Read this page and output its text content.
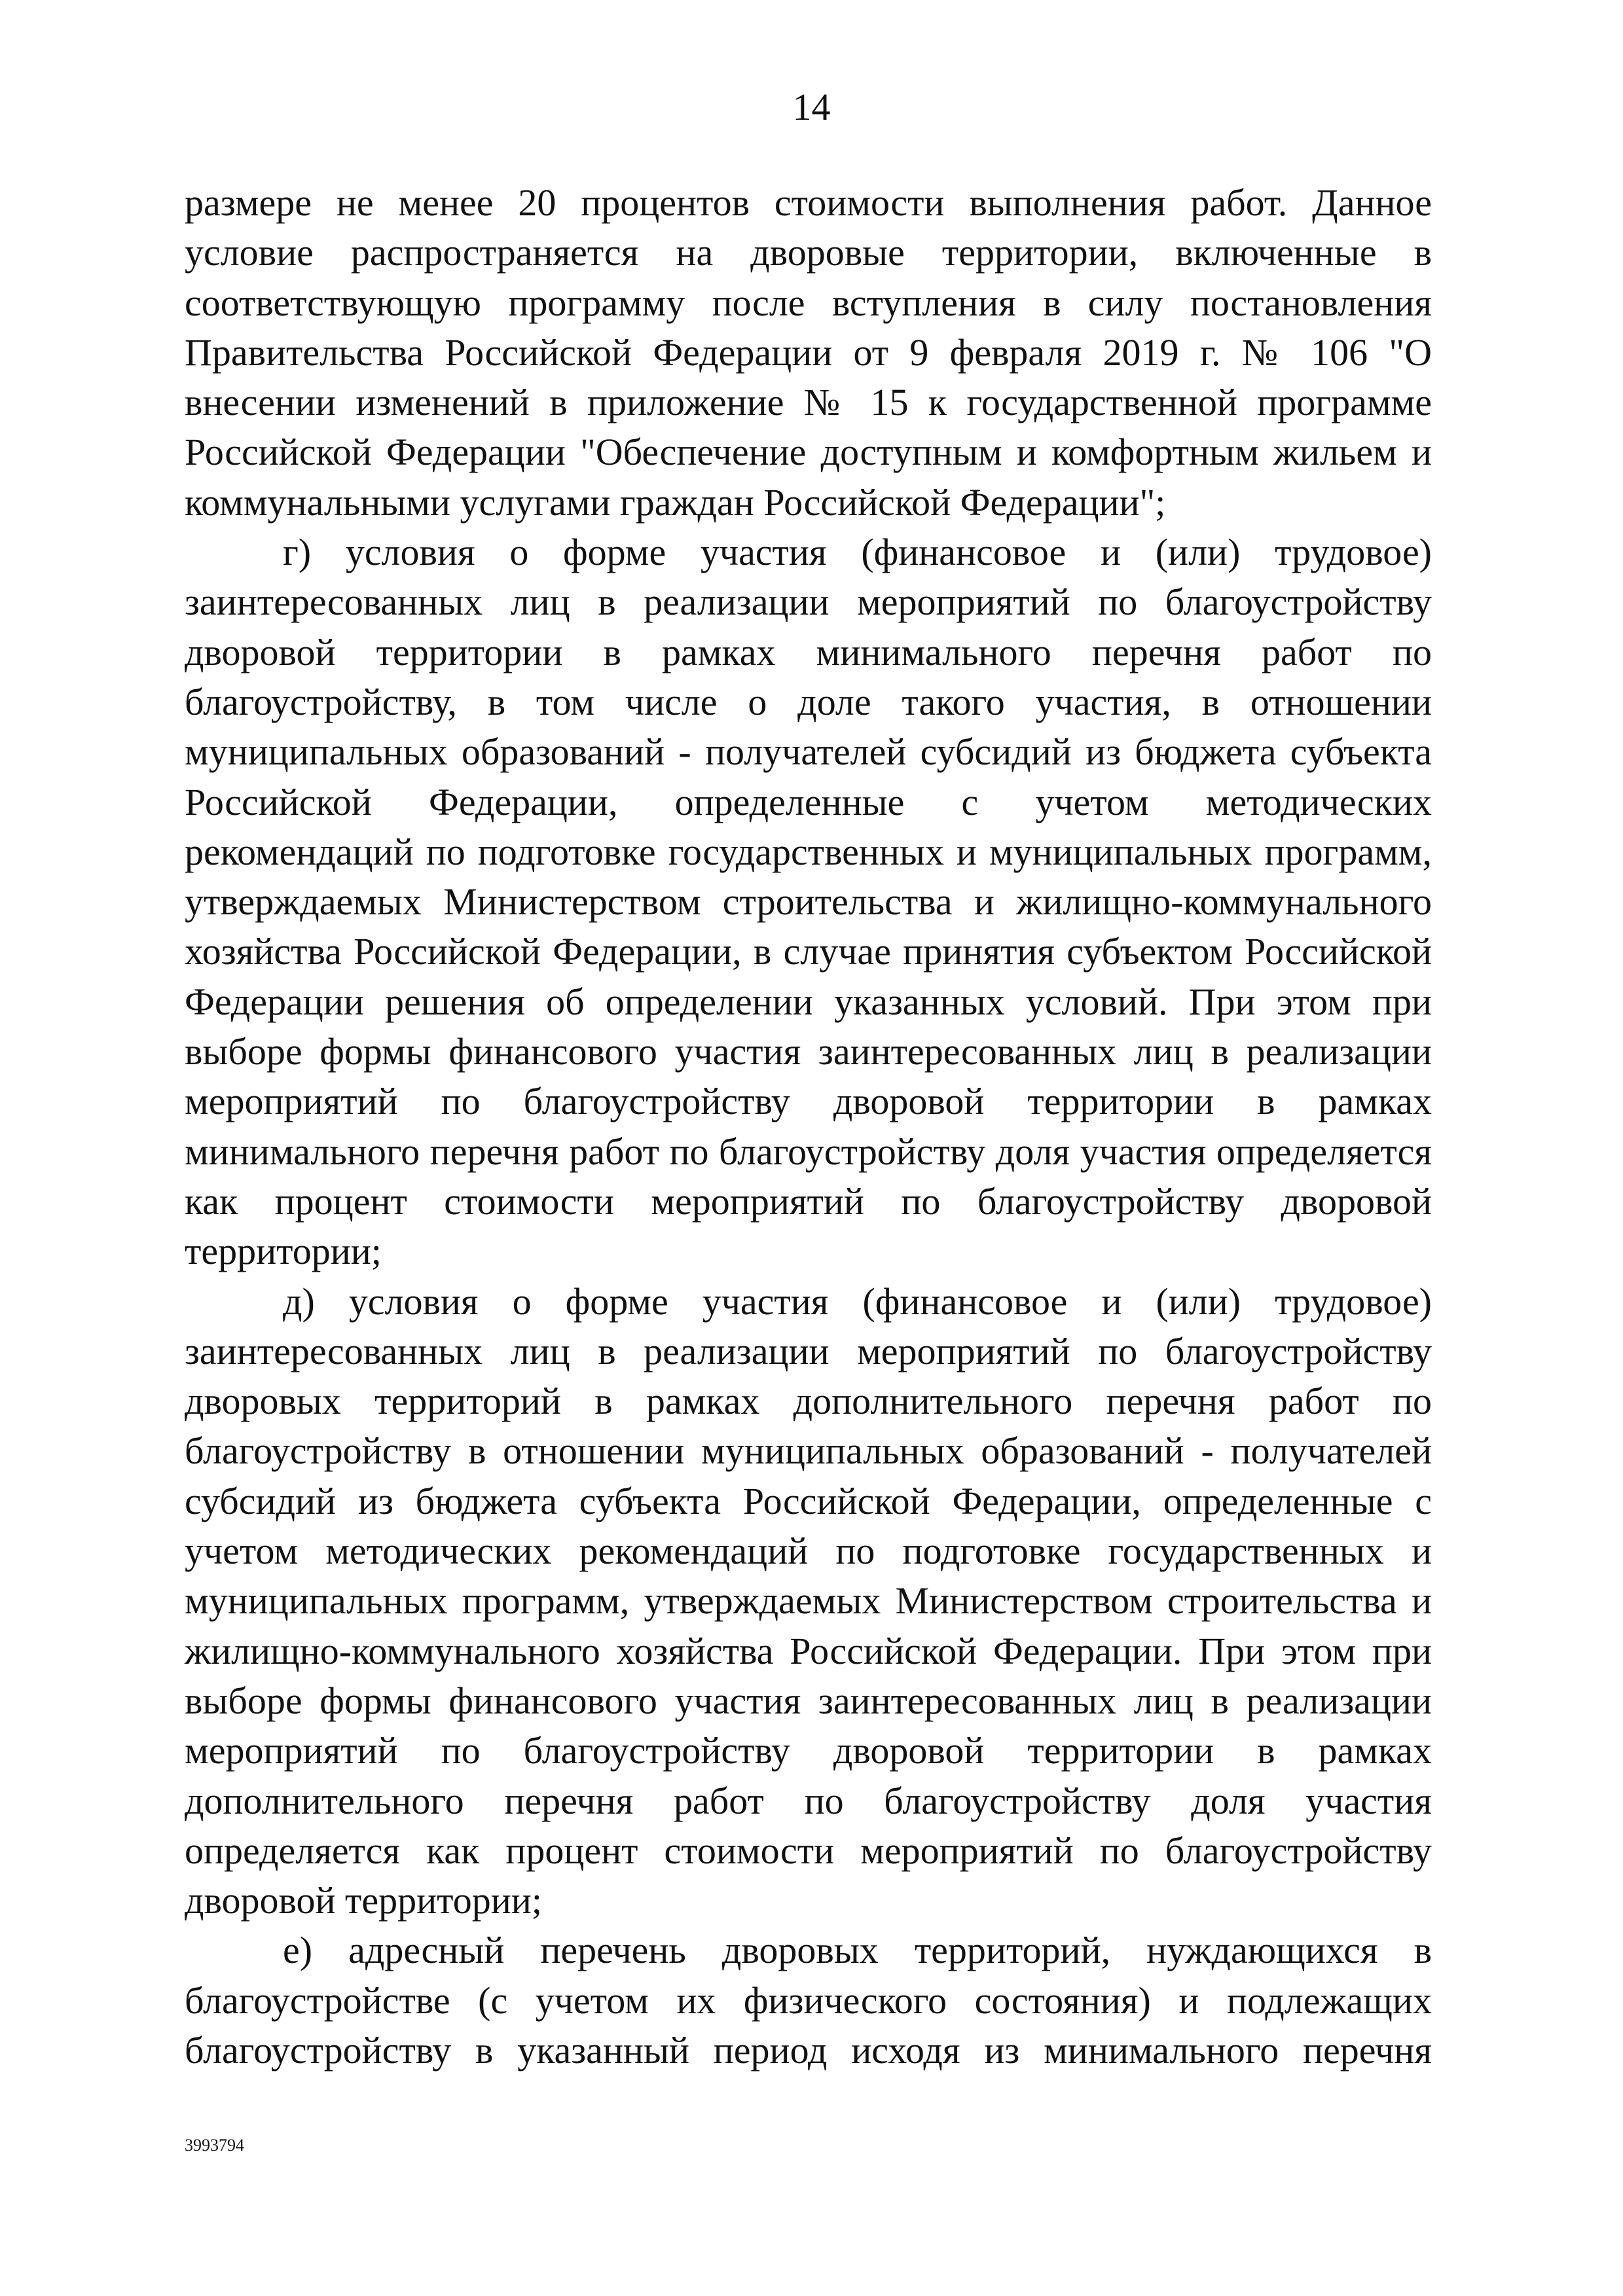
14

размере не менее 20 процентов стоимости выполнения работ. Данное условие распространяется на дворовые территории, включенные в соответствующую программу после вступления в силу постановления Правительства Российской Федерации от 9 февраля 2019 г. № 106 "О внесении изменений в приложение № 15 к государственной программе Российской Федерации "Обеспечение доступным и комфортным жильем и коммунальными услугами граждан Российской Федерации";

г) условия о форме участия (финансовое и (или) трудовое) заинтересованных лиц в реализации мероприятий по благоустройству дворовой территории в рамках минимального перечня работ по благоустройству, в том числе о доле такого участия, в отношении муниципальных образований - получателей субсидий из бюджета субъекта Российской Федерации, определенные с учетом методических рекомендаций по подготовке государственных и муниципальных программ, утверждаемых Министерством строительства и жилищно-коммунального хозяйства Российской Федерации, в случае принятия субъектом Российской Федерации решения об определении указанных условий. При этом при выборе формы финансового участия заинтересованных лиц в реализации мероприятий по благоустройству дворовой территории в рамках минимального перечня работ по благоустройству доля участия определяется как процент стоимости мероприятий по благоустройству дворовой территории;

д) условия о форме участия (финансовое и (или) трудовое) заинтересованных лиц в реализации мероприятий по благоустройству дворовых территорий в рамках дополнительного перечня работ по благоустройству в отношении муниципальных образований - получателей субсидий из бюджета субъекта Российской Федерации, определенные с учетом методических рекомендаций по подготовке государственных и муниципальных программ, утверждаемых Министерством строительства и жилищно-коммунального хозяйства Российской Федерации. При этом при выборе формы финансового участия заинтересованных лиц в реализации мероприятий по благоустройству дворовой территории в рамках дополнительного перечня работ по благоустройству доля участия определяется как процент стоимости мероприятий по благоустройству дворовой территории;

е) адресный перечень дворовых территорий, нуждающихся в благоустройстве (с учетом их физического состояния) и подлежащих благоустройству в указанный период исходя из минимального перечня

3993794
